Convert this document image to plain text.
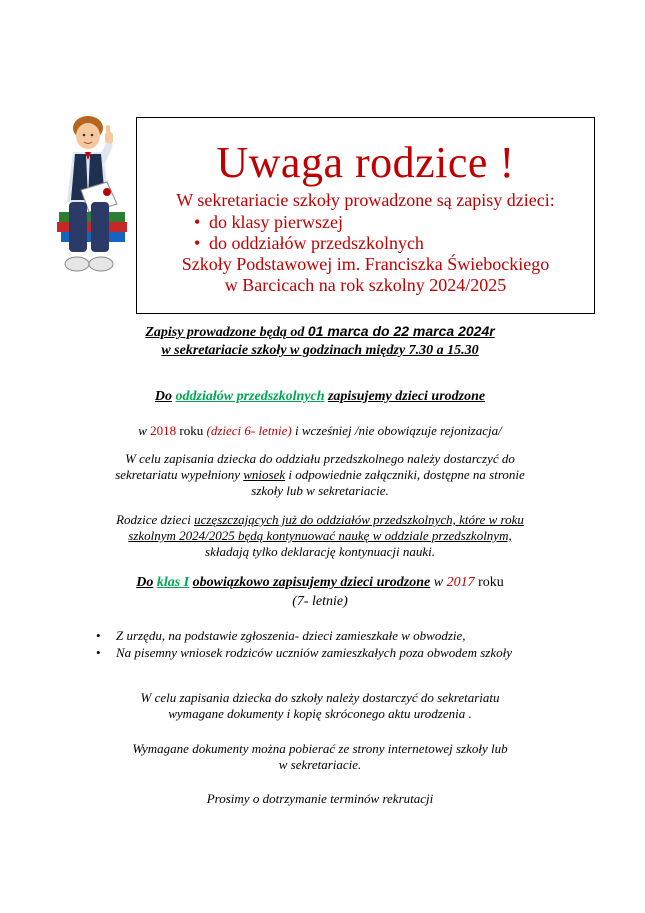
Uwaga rodzice !
W sekretariacie szkoły prowadzone są zapisy dzieci:
• do klasy pierwszej
• do oddziałów przedszkolnych
Szkoły Podstawowej im. Franciszka Świebockiego
w Barcicach na rok szkolny 2024/2025
Zapisy prowadzone będą od 01 marca do 22 marca 2024r
w sekretariacie szkoły w godzinach między 7.30 a 15.30
Do oddziałów przedszkolnych zapisujemy dzieci urodzone
w 2018 roku (dzieci 6- letnie) i wcześniej /nie obowiązuje rejonizacja/
W celu zapisania dziecka do oddziału przedszkolnego należy dostarczyć do
sekretariatu wypełniony wniosek i odpowiednie załączniki, dostępne na stronie
szkoły lub w sekretariacie.
Rodzice dzieci uczęszczających już do oddziałów przedszkolnych, które w roku
szkolnym 2024/2025 będą kontynuować naukę w oddziale przedszkolnym,
składają tylko deklarację kontynuacji nauki.
Do klas I obowiązkowo zapisujemy dzieci urodzone w 2017 roku
(7- letnie)
• Z urzędu, na podstawie zgłoszenia- dzieci zamieszkałe w obwodzie,
• Na pisemny wniosek rodziców uczniów zamieszkałych poza obwodem szkoły
W celu zapisania dziecka do szkoły należy dostarczyć do sekretariatu
wymagane dokumenty i kopię skróconego aktu urodzenia .
Wymagane dokumenty można pobierać ze strony internetowej szkoły lub
w sekretariacie.
Prosimy o dotrzymanie terminów rekrutacji
